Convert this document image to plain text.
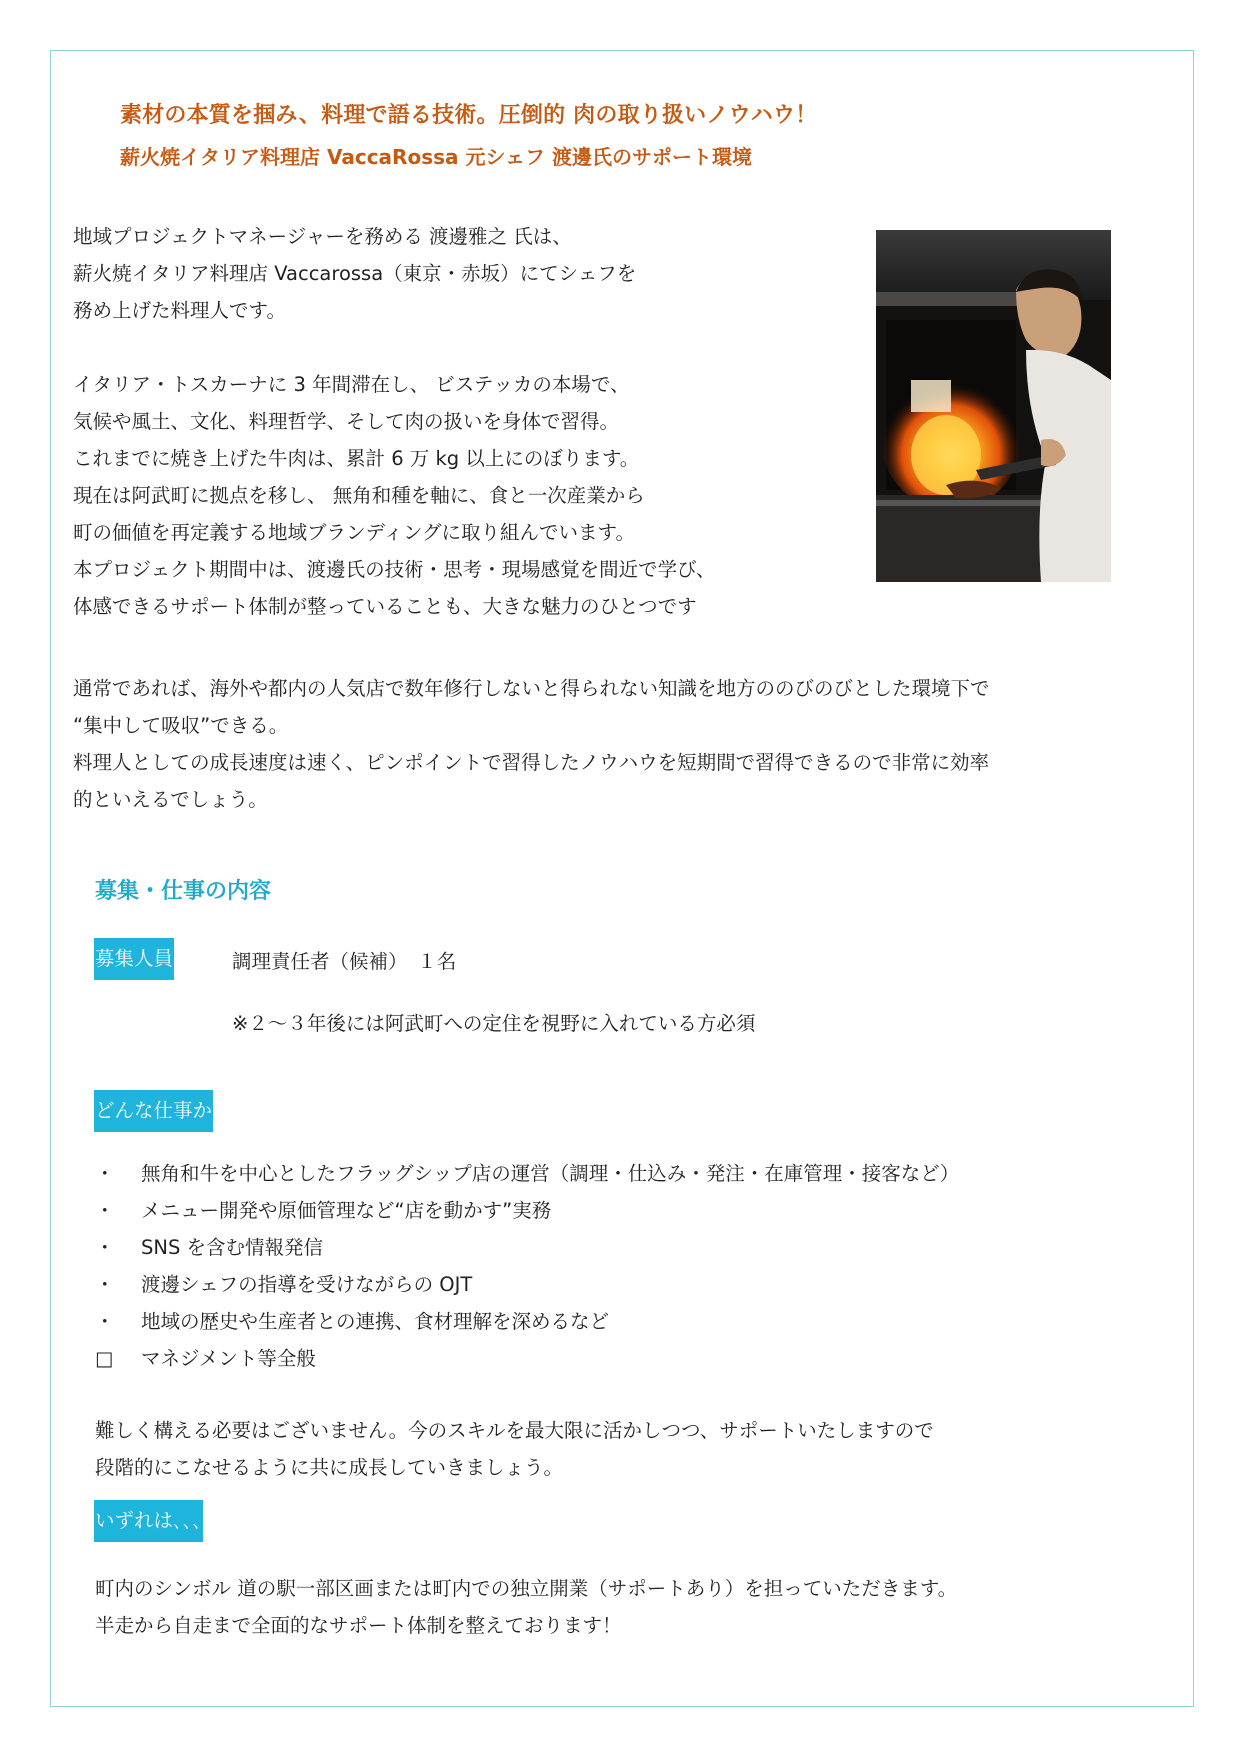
素材の本質を掴み、料理で語る技術。圧倒的 肉の取り扱いノウハウ！
薪火焼イタリア料理店 VaccaRossa 元シェフ 渡邊氏のサポート環境
地域プロジェクトマネージャーを務める 渡邊雅之 氏は、
薪火焼イタリア料理店 Vaccarossa（東京・赤坂）にてシェフを
務め上げた料理人です。
イタリア・トスカーナに 3 年間滞在し、 ビステッカの本場で、
気候や風土、文化、料理哲学、そして肉の扱いを身体で習得。
これまでに焼き上げた牛肉は、累計 6 万 kg 以上にのぼります。
現在は阿武町に拠点を移し、 無角和種を軸に、食と一次産業から
町の価値を再定義する地域ブランディングに取り組んでいます。
本プロジェクト期間中は、渡邊氏の技術・思考・現場感覚を間近で学び、
体感できるサポート体制が整っていることも、大きな魅力のひとつです
通常であれば、海外や都内の人気店で数年修行しないと得られない知識を地方ののびのびとした環境下で
“集中して吸収”できる。
料理人としての成長速度は速く、ピンポイントで習得したノウハウを短期間で習得できるので非常に効率
的といえるでしょう。
募集・仕事の内容
募集人員	調理責任者（候補）　１名
※２～３年後には阿武町への定住を視野に入れている方必須
どんな仕事か
・	無角和牛を中心としたフラッグシップ店の運営（調理・仕込み・発注・在庫管理・接客など）
・	メニュー開発や原価管理など“店を動かす”実務
・	SNS を含む情報発信
・	渡邊シェフの指導を受けながらの OJT
・	地域の歴史や生産者との連携、食材理解を深めるなど
□	マネジメント等全般
難しく構える必要はございません。今のスキルを最大限に活かしつつ、サポートいたしますので
段階的にこなせるように共に成長していきましょう。
いずれは､､､
町内のシンボル 道の駅一部区画または町内での独立開業（サポートあり）を担っていただきます。
半走から自走まで全面的なサポート体制を整えております！
